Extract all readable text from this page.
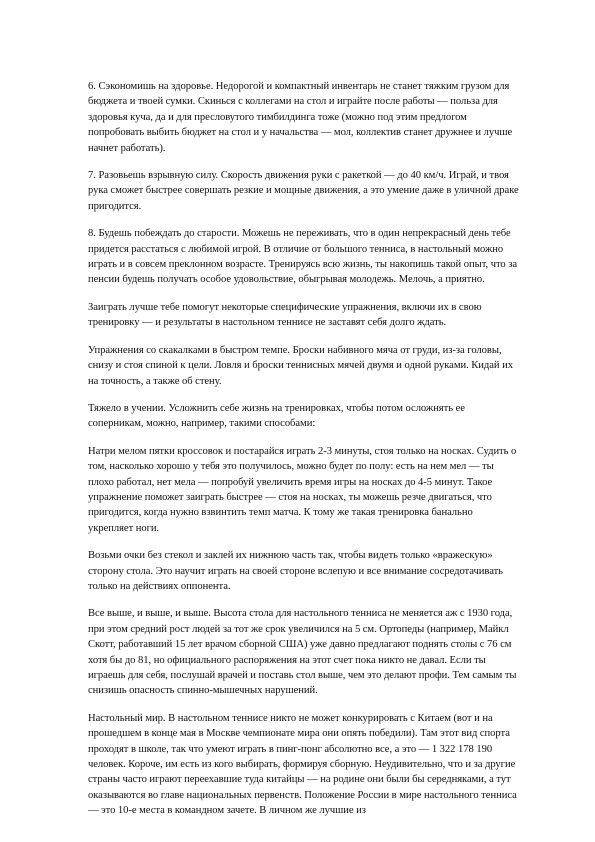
6. Сэкономишь на здоровье. Недорогой и компактный инвентарь не станет тяжким грузом для бюджета и твоей сумки. Скинься с коллегами на стол и играйте после работы — польза для здоровья куча, да и для пресловутого тимбилдинга тоже (можно под этим предлогом попробовать выбить бюджет на стол и у начальства — мол, коллектив станет дружнее и лучше начнет работать).

7. Разовьешь взрывную силу. Скорость движения руки с ракеткой — до 40 км/ч. Играй, и твоя рука сможет быстрее совершать резкие и мощные движения, а это умение даже в уличной драке пригодится.

8. Будешь побеждать до старости. Можешь не переживать, что в один непрекрасный день тебе придется расстаться с любимой игрой. В отличие от большого тенниса, в настольный можно играть и в совсем преклонном возрасте. Тренируясь всю жизнь, ты накопишь такой опыт, что за пенсии будешь получать особое удовольствие, обыгрывая молодежь. Мелочь, а приятно.

Заиграть лучше тебе помогут некоторые специфические упражнения, включи их в свою тренировку — и результаты в настольном теннисе не заставят себя долго ждать.

Упражнения со скакалками в быстром темпе. Броски набивного мяча от груди, из-за головы, снизу и стоя спиной к цели. Ловля и броски теннисных мячей двумя и одной руками. Кидай их на точность, а также об стену.

Тяжело в учении. Усложнить себе жизнь на тренировках, чтобы потом осложнять ее соперникам, можно, например, такими способами:

Натри мелом пятки кроссовок и постарайся играть 2-3 минуты, стоя только на носках. Судить о том, насколько хорошо у тебя это получилось, можно будет по полу: есть на нем мел — ты плохо работал, нет мела — попробуй увеличить время игры на носках до 4-5 минут. Такое упражнение поможет заиграть быстрее — стоя на носках, ты можешь резче двигаться, что пригодится, когда нужно взвинтить темп матча. К тому же такая тренировка банально укрепляет ноги.

Возьми очки без стекол и заклей их нижнюю часть так, чтобы видеть только «вражескую» сторону стола. Это научит играть на своей стороне вслепую и все внимание сосредотачивать только на действиях оппонента.

Все выше, и выше, и выше. Высота стола для настольного тенниса не меняется аж с 1930 года, при этом средний рост людей за тот же срок увеличился на 5 см. Ортопеды (например, Майкл Скотт, работавший 15 лет врачом сборной США) уже давно предлагают поднять столы с 76 см хотя бы до 81, но официального распоряжения на этот счет пока никто не давал. Если ты играешь для себя, послушай врачей и поставь стол выше, чем это делают профи. Тем самым ты снизишь опасность спинно-мышечных нарушений.

Настольный мир. В настольном теннисе никто не может конкурировать с Китаем (вот и на прошедшем в конце мая в Москве чемпионате мира они опять победили). Там этот вид спорта проходят в школе, так что умеют играть в пинг-понг абсолютно все, а это — 1 322 178 190 человек. Короче, им есть из кого выбирать, формируя сборную. Неудивительно, что и за другие страны часто играют переехавшие туда китайцы — на родине они были бы середняками, а тут оказываются во главе национальных первенств. Положение России в мире настольного тенниса — это 10-е места в командном зачете. В личном же лучшие из
